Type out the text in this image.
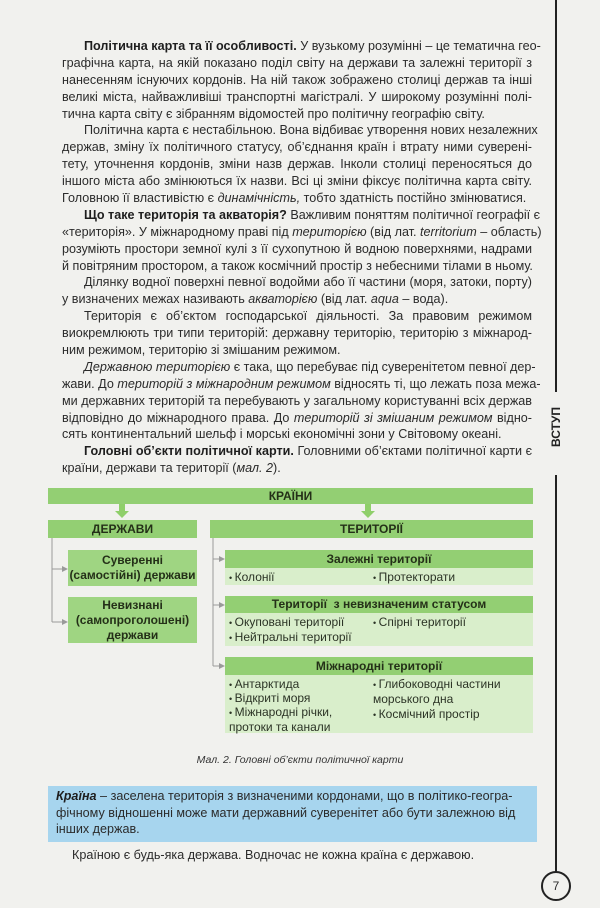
Політична карта та її особливості. У вузькому розумінні – це тематична гео-
графічна карта, на якій показано поділ світу на держави та залежні території з
нанесенням існуючих кордонів. На ній також зображено столиці держав та інші
великі міста, найважливіші транспортні магістралі. У широкому розумінні полі-
тична карта світу є зібранням відомостей про політичну географію світу.
Політична карта є нестабільною. Вона відбиває утворення нових незалежних
держав, зміну їх політичного статусу, об’єднання країн і втрату ними суверені-
тету, уточнення кордонів, зміни назв держав. Інколи столиці переносяться до
іншого міста або змінюються їх назви. Всі ці зміни фіксує політична карта світу.
Головною її властивістю є динамічність, тобто здатність постійно змінюватися.
Що таке територія та акваторія? Важливим поняттям політичної географії є
«територія». У міжнародному праві під територією (від лат. territorium – область)
розуміють простори земної кулі з її сухопутною й водною поверхнями, надрами
й повітряним простором, а також космічний простір з небесними тілами в ньому.
Ділянку водної поверхні певної водойми або її частини (моря, затоки, порту)
у визначених межах називають акваторією (від лат. aqua – вода).
Територія є об’єктом господарської діяльності. За правовим режимом
виокремлюють три типи територій: державну територію, територію з міжнарод-
ним режимом, територію зі змішаним режимом.
Державною територією є така, що перебуває під суверенітетом певної дер-
жави. До територій з міжнародним режимом відносять ті, що лежать поза межа-
ми державних територій та перебувають у загальному користуванні всіх держав
відповідно до міжнародного права. До територій зі змішаним режимом відно-
сять континентальний шельф і морські економічні зони у Світовому океані.
Головні об’єкти політичної карти. Головними об’єктами політичної карти є
країни, держави та території (мал. 2).
КРАЇНИ
ДЕРЖАВИ	ТЕРИТОРІЇ
Суверенні
(самостійні) держави
Невизнані
(самопроголошені)
держави
Залежні території
• Колонії	• Протекторати
Території  з невизначеним статусом
• Окуповані території
• Нейтральні території
• Спірні території
Міжнародні території
• Антарктида
• Відкриті моря
• Міжнародні річки,
протоки та канали
• Глибоководні частини
морського дна
• Космічний простір
Мал. 2. Головні об’єкти політичної карти
Країна – заселена територія з визначеними кордонами, що в політико-геогра-фічному відношенні може мати державний суверенітет або бути залежною від інших держав.
Країною є будь-яка держава. Водночас не кожна країна є державою.
ВСТУП
7
